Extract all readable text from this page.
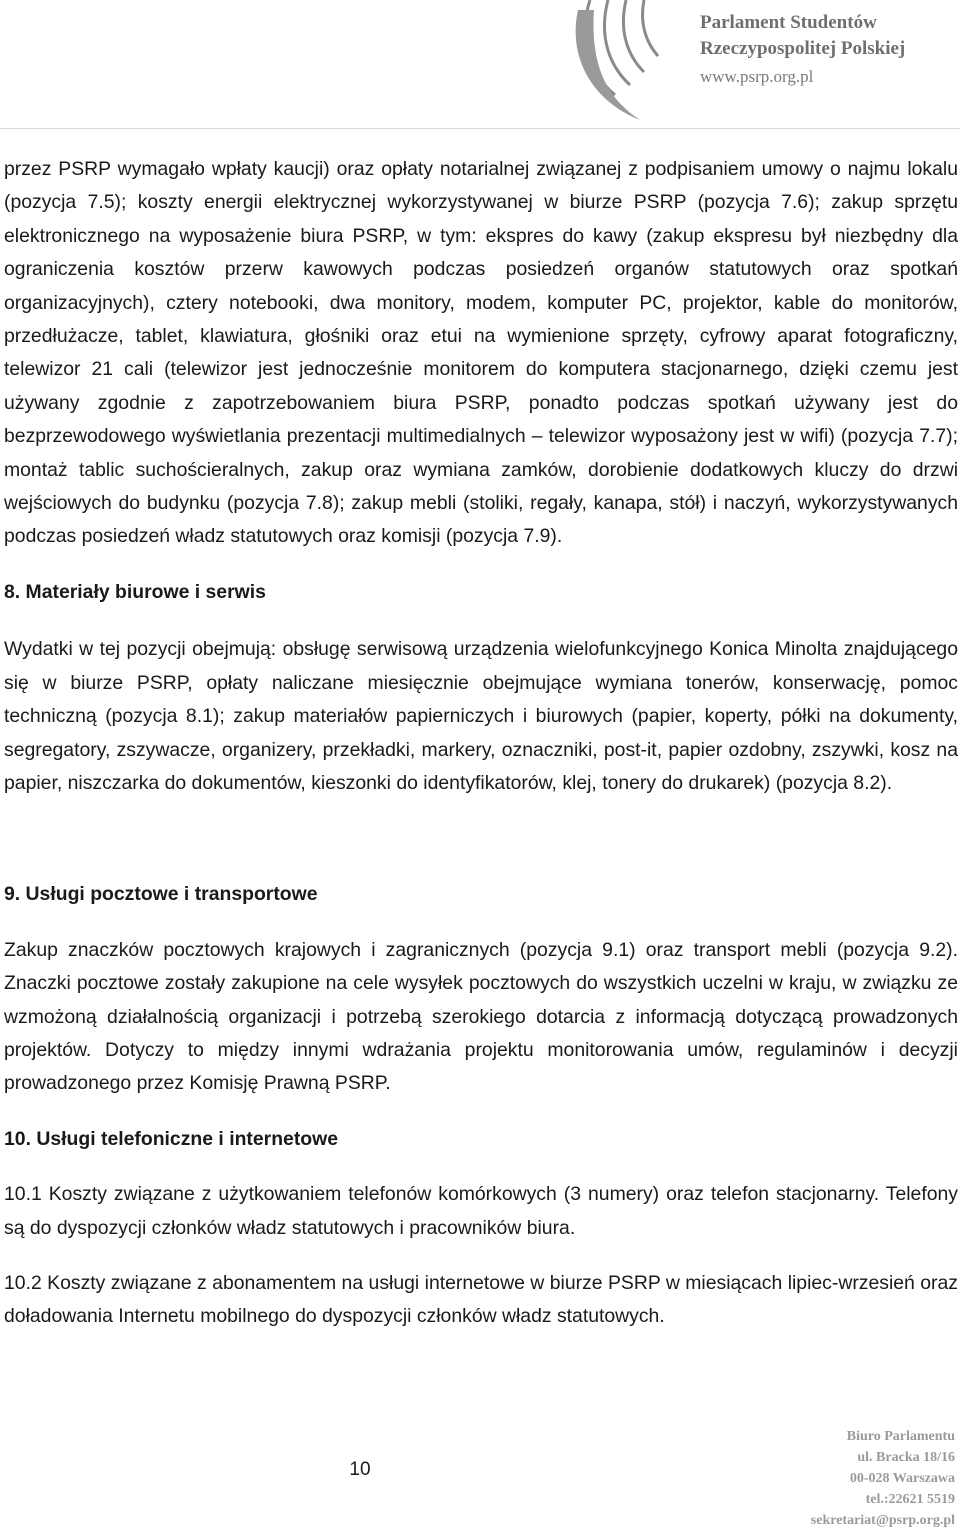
Parlament Studentów
Rzeczypospolitej Polskiej
www.psrp.org.pl

przez PSRP wymagało wpłaty kaucji) oraz opłaty notarialnej związanej z podpisaniem umowy o najmu lokalu (pozycja 7.5); koszty energii elektrycznej wykorzystywanej w biurze PSRP (pozycja 7.6); zakup sprzętu elektronicznego na wyposażenie biura PSRP, w tym: ekspres do kawy (zakup ekspresu był niezbędny dla ograniczenia kosztów przerw kawowych podczas posiedzeń organów statutowych oraz spotkań organizacyjnych), cztery notebooki, dwa monitory, modem, komputer PC, projektor, kable do monitorów, przedłużacze, tablet, klawiatura, głośniki oraz etui na wymienione sprzęty, cyfrowy aparat fotograficzny, telewizor 21 cali (telewizor jest jednocześnie monitorem do komputera stacjonarnego, dzięki czemu jest używany zgodnie z zapotrzebowaniem biura PSRP, ponadto podczas spotkań używany jest do bezprzewodowego wyświetlania prezentacji multimedialnych – telewizor wyposażony jest w wifi) (pozycja 7.7); montaż tablic suchościeralnych, zakup oraz wymiana zamków, dorobienie dodatkowych kluczy do drzwi wejściowych do budynku (pozycja 7.8); zakup mebli (stoliki, regały, kanapa, stół) i naczyń, wykorzystywanych podczas posiedzeń władz statutowych oraz komisji (pozycja 7.9).

8. Materiały biurowe i serwis

Wydatki w tej pozycji obejmują: obsługę serwisową urządzenia wielofunkcyjnego Konica Minolta znajdującego się w biurze PSRP, opłaty naliczane miesięcznie obejmujące wymiana tonerów, konserwację, pomoc techniczną (pozycja 8.1); zakup materiałów papierniczych i biurowych (papier, koperty, półki na dokumenty, segregatory, zszywacze, organizery, przekładki, markery, oznaczniki, post-it, papier ozdobny, zszywki, kosz na papier, niszczarka do dokumentów, kieszonki do identyfikatorów, klej, tonery do drukarek) (pozycja 8.2).

9. Usługi pocztowe i transportowe

Zakup znaczków pocztowych krajowych i zagranicznych (pozycja 9.1) oraz transport mebli (pozycja 9.2). Znaczki pocztowe zostały zakupione na cele wysyłek pocztowych do wszystkich uczelni w kraju, w związku ze wzmożoną działalnością organizacji i potrzebą szerokiego dotarcia z informacją dotyczącą prowadzonych projektów. Dotyczy to między innymi wdrażania projektu monitorowania umów, regulaminów i decyzji prowadzonego przez Komisję Prawną PSRP.

10. Usługi telefoniczne i internetowe

10.1 Koszty związane z użytkowaniem telefonów komórkowych (3 numery) oraz telefon stacjonarny. Telefony są do dyspozycji członków władz statutowych i pracowników biura.

10.2 Koszty związane z abonamentem na usługi internetowe w biurze PSRP w miesiącach lipiec-wrzesień oraz doładowania Internetu mobilnego do dyspozycji członków władz statutowych.

10
Biuro Parlamentu
ul. Bracka 18/16
00-028 Warszawa
tel.:22621 5519
sekretariat@psrp.org.pl
